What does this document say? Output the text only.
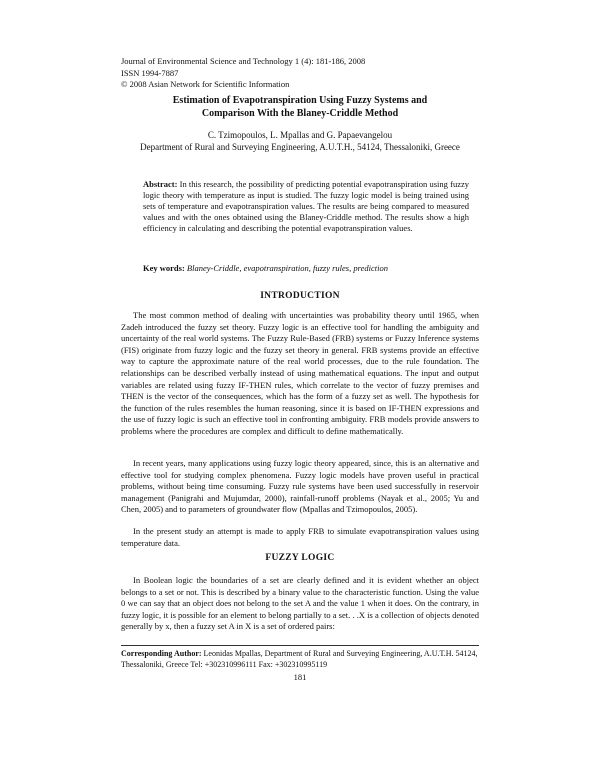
Journal of Environmental Science and Technology 1 (4): 181-186, 2008
ISSN 1994-7887
© 2008 Asian Network for Scientific Information
Estimation of Evapotranspiration Using Fuzzy Systems and
Comparison With the Blaney-Criddle Method
C. Tzimopoulos, L. Mpallas and G. Papaevangelou
Department of Rural and Surveying Engineering, A.U.T.H., 54124, Thessaloniki, Greece

Abstract: In this research, the possibility of predicting potential evapotranspiration using fuzzy logic theory with temperature as input is studied. The fuzzy logic model is being trained using sets of temperature and evapotranspiration values. The results are being compared to measured values and with the ones obtained using the Blaney-Criddle method. The results show a high efficiency in calculating and describing the potential evapotranspiration values.

Key words: Blaney-Criddle, evapotranspiration, fuzzy rules, prediction

INTRODUCTION

The most common method of dealing with uncertainties was probability theory until 1965, when Zadeh introduced the fuzzy set theory. Fuzzy logic is an effective tool for handling the ambiguity and uncertainty of the real world systems. The Fuzzy Rule-Based (FRB) systems or Fuzzy Inference systems (FIS) originate from fuzzy logic and the fuzzy set theory in general. FRB systems provide an effective way to capture the approximate nature of the real world processes, due to the rule foundation. The relationships can be described verbally instead of using mathematical equations. The input and output variables are related using fuzzy IF-THEN rules, which correlate to the vector of fuzzy premises and THEN is the vector of the consequences, which has the form of a fuzzy set as well. The hypothesis for the function of the rules resembles the human reasoning, since it is based on IF-THEN expressions and the use of fuzzy logic is such an effective tool in confronting ambiguity. FRB models provide answers to problems where the procedures are complex and difficult to define mathematically.

In recent years, many applications using fuzzy logic theory appeared, since, this is an alternative and effective tool for studying complex phenomena. Fuzzy logic models have proven useful in practical problems, without being time consuming. Fuzzy rule systems have been used successfully in reservoir management (Panigrahi and Mujumdar, 2000), rainfall-runoff problems (Nayak et al., 2005; Yu and Chen, 2005) and to parameters of groundwater flow (Mpallas and Tzimopoulos, 2005).

In the present study an attempt is made to apply FRB to simulate evapotranspiration values using temperature data.

FUZZY LOGIC

In Boolean logic the boundaries of a set are clearly defined and it is evident whether an object belongs to a set or not. This is described by a binary value to the characteristic function. Using the value 0 we can say that an object does not belong to the set A and the value 1 when it does. On the contrary, in fuzzy logic, it is possible for an element to belong partially to a set. . .X is a collection of objects denoted generally by x, then a fuzzy set A in X is a set of ordered pairs:

Corresponding Author: Leonidas Mpallas, Department of Rural and Surveying Engineering, A.U.T.H. 54124, Thessaloniki, Greece Tel: +302310996111 Fax: +302310995119

181
